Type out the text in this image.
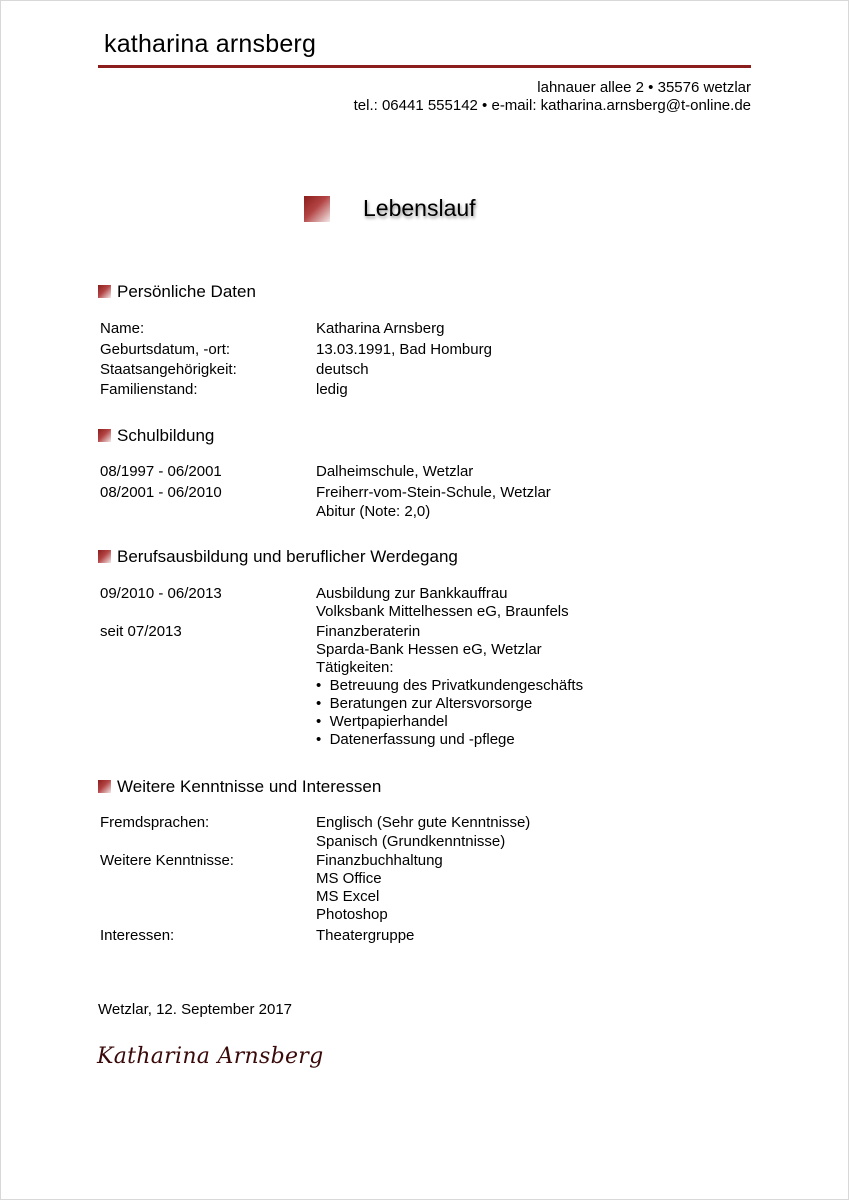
katharina arnsberg
lahnauer allee 2 • 35576 wetzlar
tel.: 06441 555142 • e-mail: katharina.arnsberg@t-online.de
Lebenslauf
Persönliche Daten
Name:	Katharina Arnsberg
Geburtsdatum, -ort:	13.03.1991, Bad Homburg
Staatsangehörigkeit:	deutsch
Familienstand:	ledig
Schulbildung
08/1997 - 06/2001	Dalheimschule, Wetzlar
08/2001 - 06/2010	Freiherr-vom-Stein-Schule, Wetzlar
Abitur (Note: 2,0)
Berufsausbildung und beruflicher Werdegang
09/2010 - 06/2013	Ausbildung zur Bankkauffrau
Volksbank Mittelhessen eG, Braunfels
seit 07/2013	Finanzberaterin
Sparda-Bank Hessen eG, Wetzlar
Tätigkeiten:
•  Betreuung des Privatkundengeschäfts
•  Beratungen zur Altersvorsorge
•  Wertpapierhandel
•  Datenerfassung und -pflege
Weitere Kenntnisse und Interessen
Fremdsprachen:	Englisch (Sehr gute Kenntnisse)
Spanisch (Grundkenntnisse)
Weitere Kenntnisse:	Finanzbuchhaltung
MS Office
MS Excel
Photoshop
Interessen:	Theatergruppe
Wetzlar, 12. September 2017
Katharina Arnsberg
